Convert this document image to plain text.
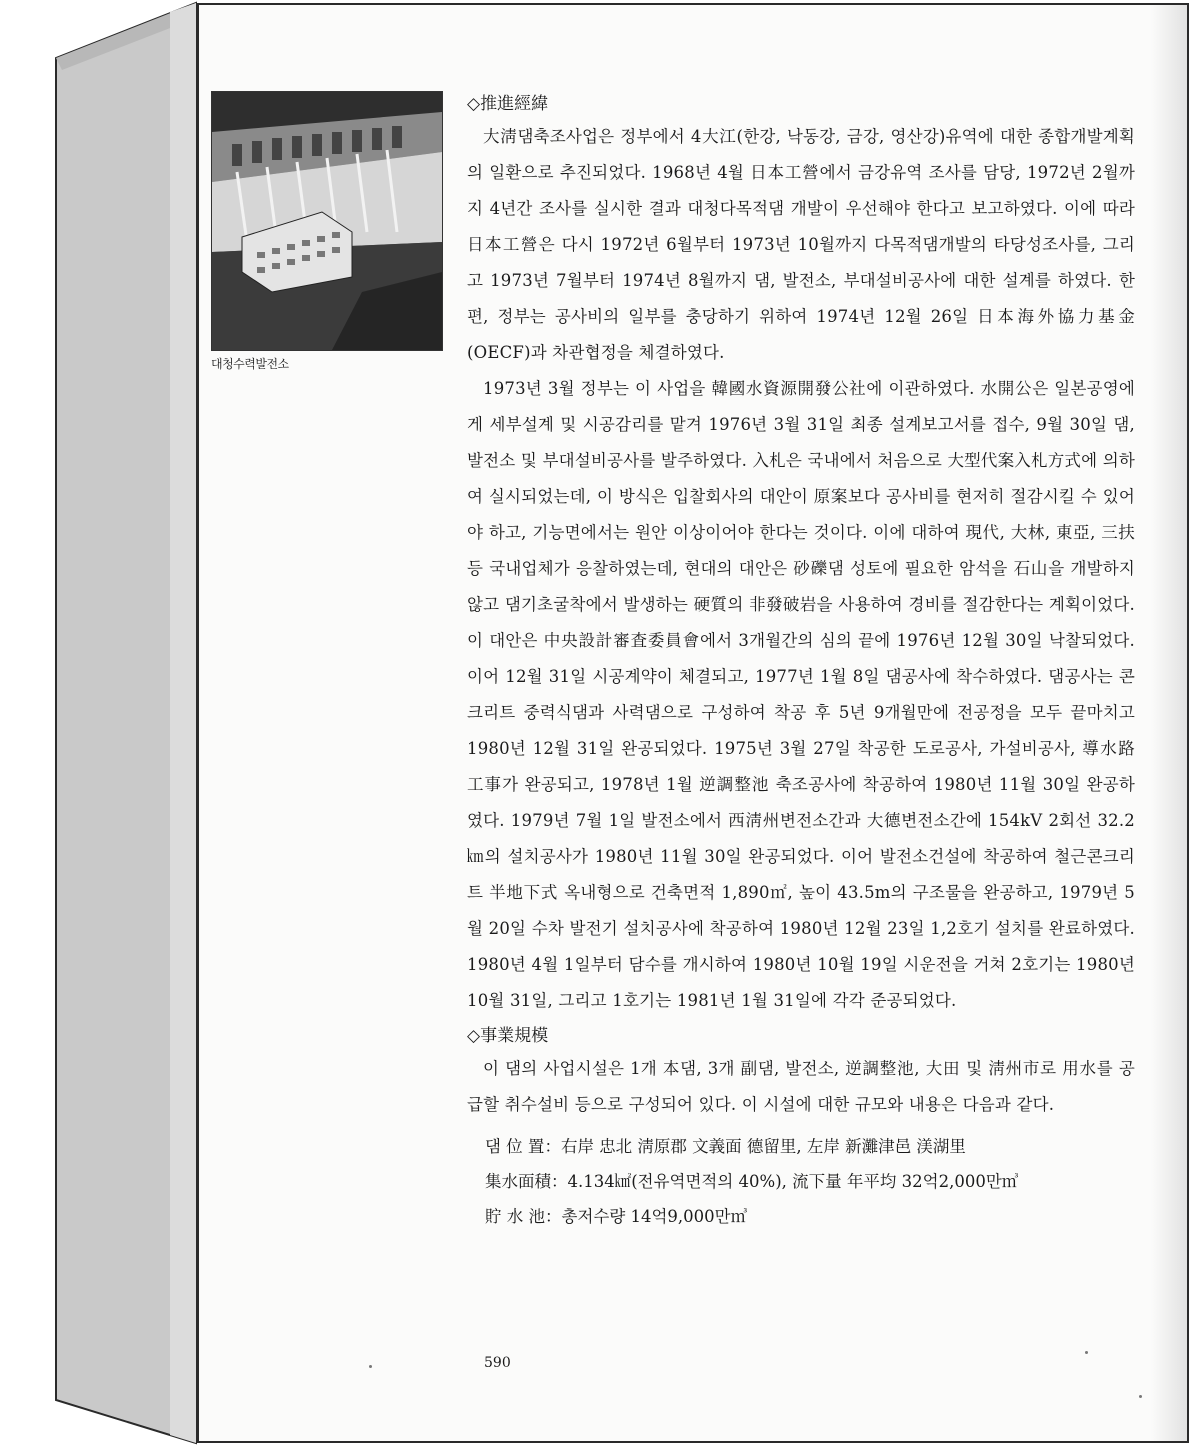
대청수력발전소
◇推進經緯

大淸댐축조사업은 정부에서 4大江(한강, 낙동강, 금강, 영산강)유역에 대한 종합개발계획의 일환으로 추진되었다. 1968년 4월 日本工營에서 금강유역 조사를 담당, 1972년 2월까지 4년간 조사를 실시한 결과 대청다목적댐 개발이 우선해야 한다고 보고하였다. 이에 따라 日本工營은 다시 1972년 6월부터 1973년 10월까지 다목적댐개발의 타당성조사를, 그리고 1973년 7월부터 1974년 8월까지 댐, 발전소, 부대설비공사에 대한 설계를 하였다. 한편, 정부는 공사비의 일부를 충당하기 위하여 1974년 12월 26일 日本海外協力基金(OECF)과 차관협정을 체결하였다.

1973년 3월 정부는 이 사업을 韓國水資源開發公社에 이관하였다. 水開公은 일본공영에게 세부설계 및 시공감리를 맡겨 1976년 3월 31일 최종 설계보고서를 접수, 9월 30일 댐, 발전소 및 부대설비공사를 발주하였다. 入札은 국내에서 처음으로 大型代案入札方式에 의하여 실시되었는데, 이 방식은 입찰회사의 대안이 原案보다 공사비를 현저히 절감시킬 수 있어야 하고, 기능면에서는 원안 이상이어야 한다는 것이다. 이에 대하여 現代, 大林, 東亞, 三扶 등 국내업체가 응찰하였는데, 현대의 대안은 砂礫댐 성토에 필요한 암석을 石山을 개발하지 않고 댐기초굴착에서 발생하는 硬質의 非發破岩을 사용하여 경비를 절감한다는 계획이었다. 이 대안은 中央設計審査委員會에서 3개월간의 심의 끝에 1976년 12월 30일 낙찰되었다. 이어 12월 31일 시공계약이 체결되고, 1977년 1월 8일 댐공사에 착수하였다. 댐공사는 콘크리트 중력식댐과 사력댐으로 구성하여 착공 후 5년 9개월만에 전공정을 모두 끝마치고 1980년 12월 31일 완공되었다. 1975년 3월 27일 착공한 도로공사, 가설비공사, 導水路工事가 완공되고, 1978년 1월 逆調整池 축조공사에 착공하여 1980년 11월 30일 완공하였다. 1979년 7월 1일 발전소에서 西淸州변전소간과 大德변전소간에 154kV 2회선 32.2㎞의 설치공사가 1980년 11월 30일 완공되었다. 이어 발전소건설에 착공하여 철근콘크리트 半地下式 옥내형으로 건축면적 1,890㎡, 높이 43.5m의 구조물을 완공하고, 1979년 5월 20일 수차 발전기 설치공사에 착공하여 1980년 12월 23일 1,2호기 설치를 완료하였다. 1980년 4월 1일부터 담수를 개시하여 1980년 10월 19일 시운전을 거쳐 2호기는 1980년 10월 31일, 그리고 1호기는 1981년 1월 31일에 각각 준공되었다.

◇事業規模

이 댐의 사업시설은 1개 本댐, 3개 副댐, 발전소, 逆調整池, 大田 및 淸州市로 用水를 공급할 취수설비 등으로 구성되어 있다. 이 시설에 대한 규모와 내용은 다음과 같다.

댐 位 置：右岸 忠北 淸原郡 文義面 德留里, 左岸 新灘津邑 渼湖里
集水面積：4.134㎢(전유역면적의 40%), 流下量 年平均 32억2,000만㎥
貯 水 池：총저수량 14억9,000만㎥
590
